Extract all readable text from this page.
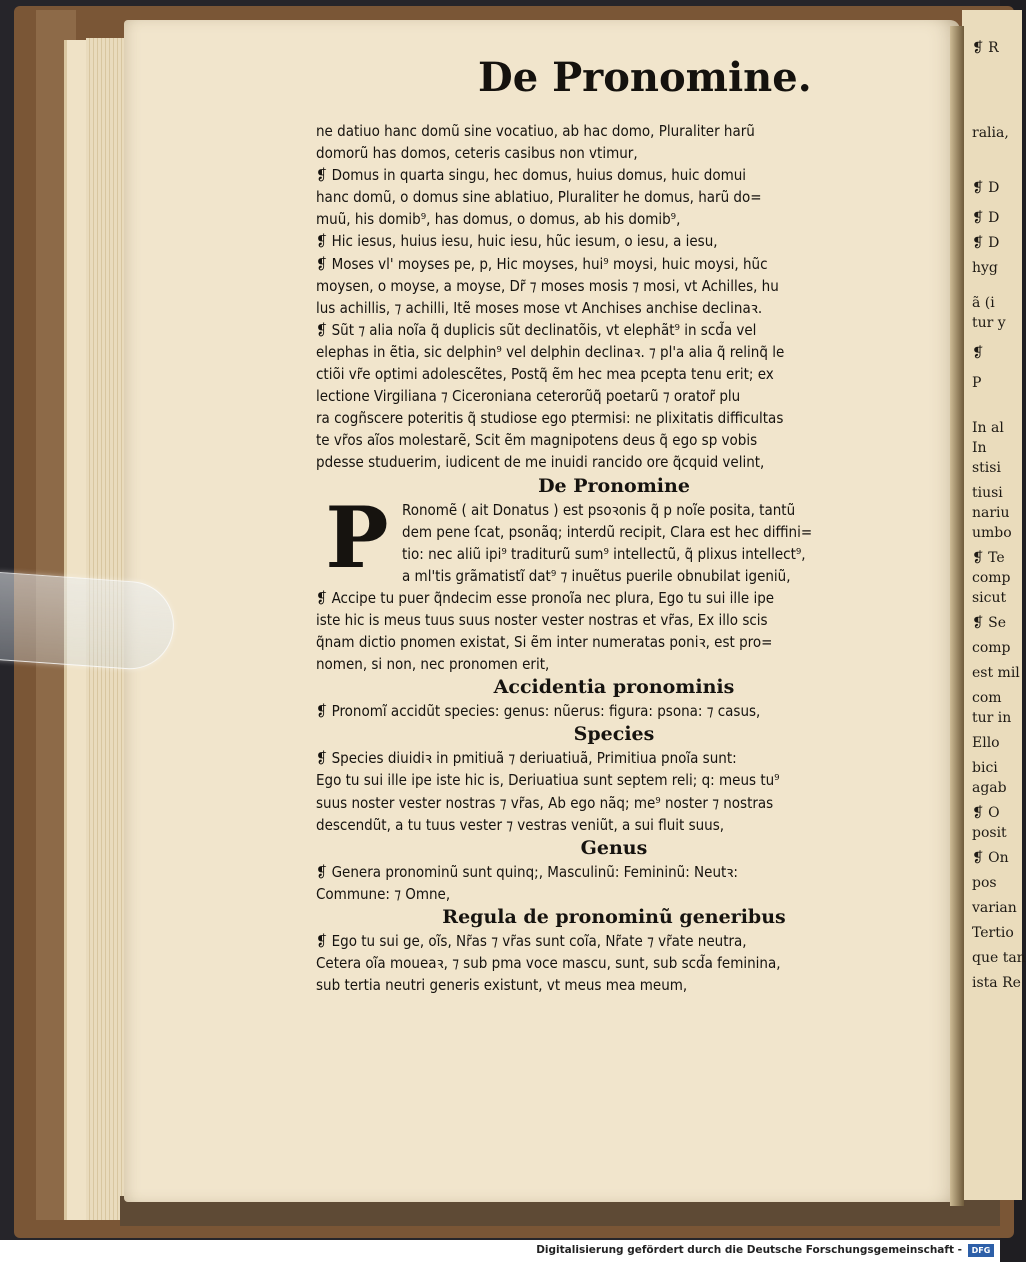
❡ R
ralia,
❡ D
❡ D
❡ D
hyg
ã (i
tur y
❡
P
In al
In
stisi
tiusi
nariu
umbo
❡ Te
comp
sicut
❡ Se
comp
est mil
com
tur in
Ello
bici
agab
❡ O
posit
❡ On
pos
varian
Tertio
que tan
ista Re
De Pronomine.
ne datiuo hanc domũ sine vocatiuo, ab hac domo, Pluraliter harũ
domorũ has domos, ceteris casibus non vtimur,
❡ Domus in quarta singu, hec domus, huius domus, huic domui
hanc domũ, o domus sine ablatiuo, Pluraliter he domus, harũ do=
muũ, his domib⁹, has domus, o domus, ab his domib⁹,
❡ Hic iesus, huius iesu, huic iesu, hũc iesum, o iesu, a iesu,
❡ Moses vl' moyses pe, p, Hic moyses, hui⁹ moysi, huic moysi, hũc
moysen, o moyse, a moyse, Dr̃ ⁊ moses mosis ⁊ mosi, vt Achilles, hu
lus achillis, ⁊ achilli, Itẽ moses mose vt Anchises anchise declinaꝛ.
❡ Sũt ⁊ alia noĩa q̃ duplicis sũt declinatõis, vt elephãt⁹ in scd̃a vel
elephas in ẽtia, sic delphin⁹ vel delphin declinaꝛ. ⁊ pl'a alia q̃ relinq̃ le
ctiõi vr̃e optimi adolescẽtes, Postq̃ ẽm hec mea pcepta tenu erit; ex
lectione Virgiliana ⁊ Ciceroniana ceterorũq̃ poetarũ ⁊ orator̃ plu
ra cogñscere poteritis q̃ studiose ego ptermisi: ne plixitatis difficultas
te vr̃os aĩos molestarẽ, Scit ẽm magnipotens deus q̃ ego sp vobis
pdesse studuerim, iudicent de me inuidi rancido ore q̃cquid velint,
De Pronomine
P Ronomẽ ( ait Donatus ) est psoꝛonis q̃ p noĩe posita, tantũ
dem pene ſcat, psonãq; interdũ recipit, Clara est hec diffini=
tio: nec aliũ ipi⁹ traditurũ sum⁹ intellectũ, q̃ plixus intellect⁹,
a ml'tis grãmatistĩ dat⁹ ⁊ inuẽtus puerile obnubilat igeniũ,
❡ Accipe tu puer q̃ndecim esse pronoĩa nec plura, Ego tu sui ille ipe
iste hic is meus tuus suus noster vester nostras et vr̃as, Ex illo scis
q̃nam dictio pnomen existat, Si ẽm inter numeratas poniꝛ, est pro=
nomen, si non, nec pronomen erit,
Accidentia pronominis
❡ Pronomĩ accidũt species: genus: nũerus: figura: psona: ⁊ casus,
Species
❡ Species diuidiꝛ in pmitiuã ⁊ deriuatiuã, Primitiua pnoĩa sunt:
Ego tu sui ille ipe iste hic is, Deriuatiua sunt septem reli; q: meus tu⁹
suus noster vester nostras ⁊ vr̃as, Ab ego nãq; me⁹ noster ⁊ nostras
descendũt, a tu tuus vester ⁊ vestras veniũt, a sui fluit suus,
Genus
❡ Genera pronominũ sunt quinq;, Masculinũ: Femininũ: Neutꝛ:
Commune: ⁊ Omne,
Regula de pronominũ generibus
❡ Ego tu sui ge, oĩs, Nr̃as ⁊ vr̃as sunt coĩa, Nr̃ate ⁊ vr̃ate neutra,
Cetera oĩa moueaꝛ, ⁊ sub pma voce mascu, sunt, sub scd̃a feminina,
sub tertia neutri generis existunt, vt meus mea meum,
Digitalisierung gefördert durch die Deutsche Forschungsgemeinschaft -	DFG
